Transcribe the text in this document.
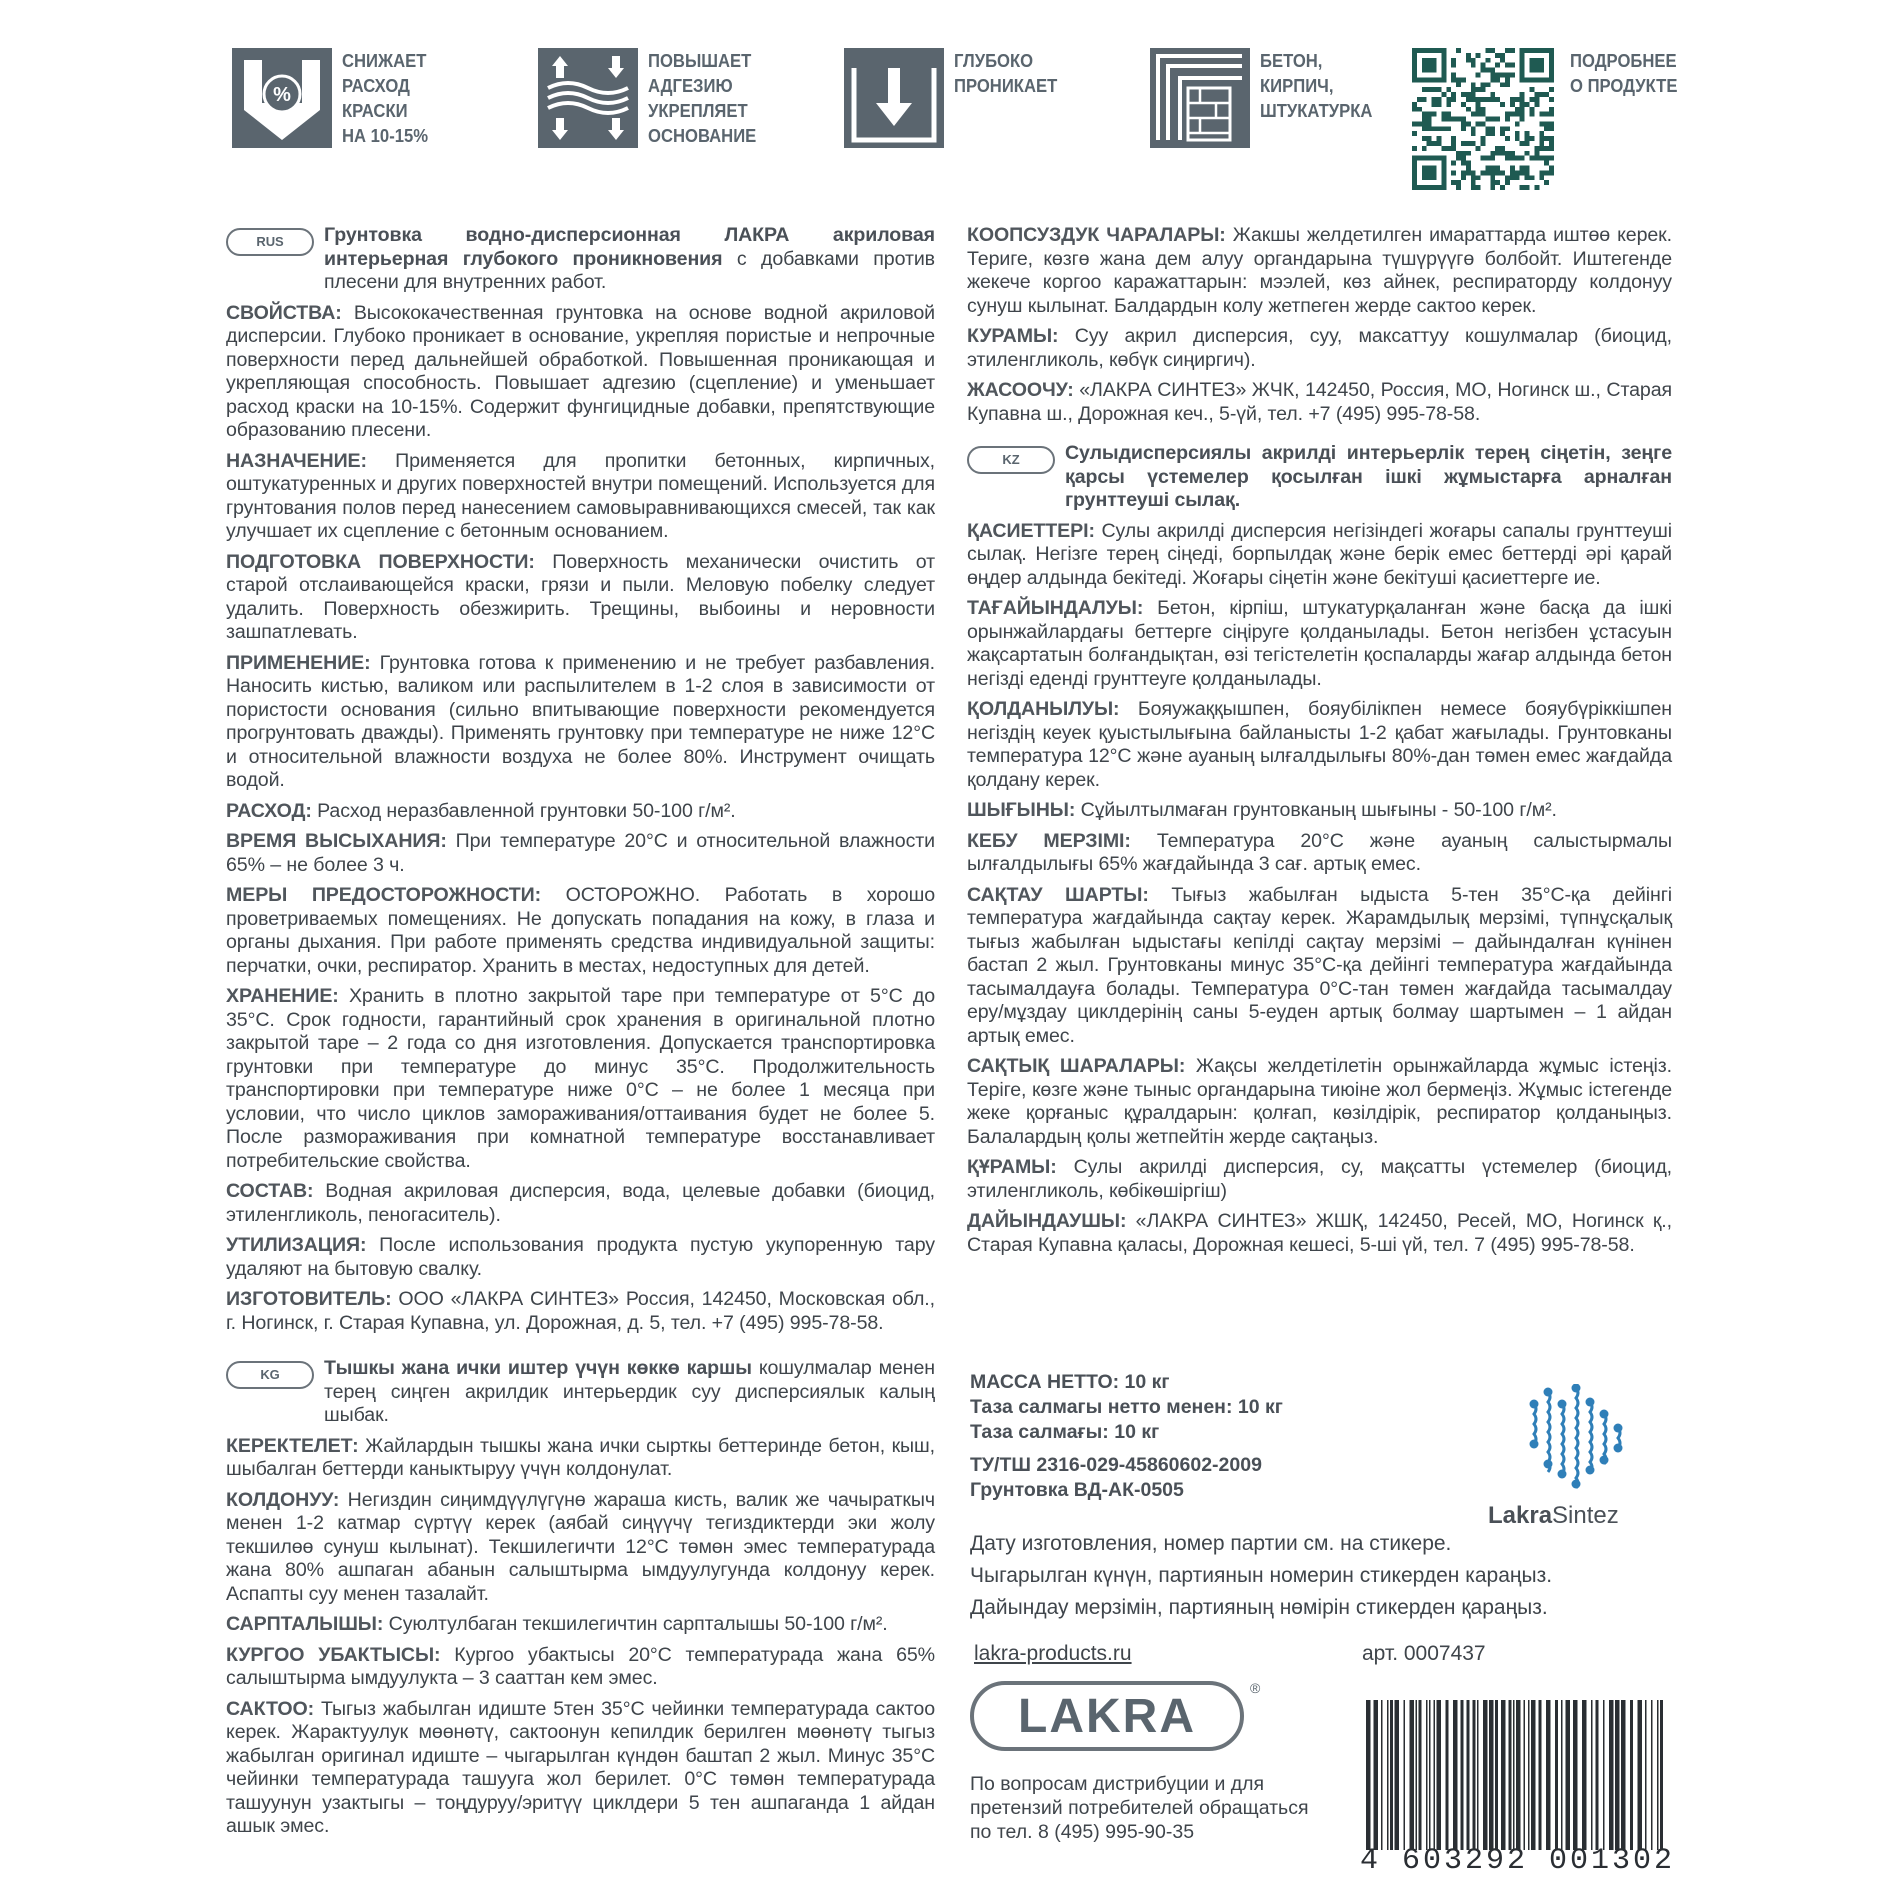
%
СНИЖАЕТ
РАСХОД
КРАСКИ
НА 10-15%
ПОВЫШАЕТ
АДГЕЗИЮ
УКРЕПЛЯЕТ
ОСНОВАНИЕ
ГЛУБОКО
ПРОНИКАЕТ
БЕТОН,
КИРПИЧ,
ШТУКАТУРКА
ПОДРОБНЕЕ
О ПРОДУКТЕ

RUS	Грунтовка водно-дисперсионная ЛАКРА акриловая интерьерная глубокого проникновения с добавками против плесени для внутренних работ.

СВОЙСТВА: Высококачественная грунтовка на основе водной акриловой дисперсии. Глубоко проникает в основание, укрепляя пористые и непрочные поверхности перед дальнейшей обработкой. Повышенная проникающая и укрепляющая способность. Повышает адгезию (сцепление) и уменьшает расход краски на 10-15%. Содержит фунгицидные добавки, препятствующие образованию плесени.

НАЗНАЧЕНИЕ: Применяется для пропитки бетонных, кирпичных, оштукатуренных и других поверхностей внутри помещений. Используется для грунтования полов перед нанесением самовыравнивающихся смесей, так как улучшает их сцепление с бетонным основанием.

ПОДГОТОВКА ПОВЕРХНОСТИ: Поверхность механически очистить от старой отслаивающейся краски, грязи и пыли. Меловую побелку следует удалить. Поверхность обезжирить. Трещины, выбоины и неровности зашпатлевать.

ПРИМЕНЕНИЕ: Грунтовка готова к применению и не требует разбавления. Наносить кистью, валиком или распылителем в 1-2 слоя в зависимости от пористости основания (сильно впитывающие поверхности рекомендуется прогрунтовать дважды). Применять грунтовку при температуре не ниже 12°С и относительной влажности воздуха не более 80%. Инструмент очищать водой.

РАСХОД: Расход неразбавленной грунтовки 50-100 г/м².

ВРЕМЯ ВЫСЫХАНИЯ: При температуре 20°С и относительной влажности 65% – не более 3 ч.

МЕРЫ ПРЕДОСТОРОЖНОСТИ: ОСТОРОЖНО. Работать в хорошо проветриваемых помещениях. Не допускать попадания на кожу, в глаза и органы дыхания. При работе применять средства индивидуальной защиты: перчатки, очки, респиратор. Хранить в местах, недоступных для детей.

ХРАНЕНИЕ: Хранить в плотно закрытой таре при температуре от 5°С до 35°С. Срок годности, гарантийный срок хранения в оригинальной плотно закрытой таре – 2 года со дня изготовления. Допускается транспортировка грунтовки при температуре до минус 35°С. Продолжительность транспортировки при температуре ниже 0°С – не более 1 месяца при условии, что число циклов замораживания/оттаивания будет не более 5. После размораживания при комнатной температуре восстанавливает потребительские свойства.

СОСТАВ: Водная акриловая дисперсия, вода, целевые добавки (биоцид, этиленгликоль, пеногаситель).

УТИЛИЗАЦИЯ: После использования продукта пустую укупоренную тару удаляют на бытовую свалку.

ИЗГОТОВИТЕЛЬ: ООО «ЛАКРА СИНТЕЗ» Россия, 142450, Московская обл., г. Ногинск, г. Старая Купавна, ул. Дорожная, д. 5, тел. +7 (495) 995-78-58.

KG	Тышкы жана ички иштер үчүн көккө каршы кошулмалар менен терең сиңген акрилдик интерьердик суу дисперсиялык калың шыбак.

КЕРЕКТЕЛЕТ: Жайлардын тышкы жана ички сырткы беттеринде бетон, кыш, шыбалган беттерди каныктыруу үчүн колдонулат.

КОЛДОНУУ: Негиздин сиңимдүүлүгүнө жараша кисть, валик же чачыраткыч менен 1-2 катмар сүртүү керек (аябай сиңүүчү тегиздиктерди эки жолу текшилөө сунуш кылынат). Текшилегичти 12°С төмөн эмес температурада жана 80% ашпаган абанын салыштырма ымдуулугунда колдонуу керек. Аспапты суу менен тазалайт.

САРПТАЛЫШЫ: Суюлтулбаган текшилегичтин сарпталышы 50-100 г/м².

КУРГОО УБАКТЫСЫ: Кургоо убактысы 20°С температурада жана 65% салыштырма ымдуулукта – 3 сааттан кем эмес.

САКТОО: Тыгыз жабылган идиште 5тен 35°С чейинки температурада сактоо керек. Жарактуулук мөөнөтү, сактоонун кепилдик берилген мөөнөтү тыгыз жабылган оригинал идиште – чыгарылган күндөн баштап 2 жыл. Минус 35°С чейинки температурада ташууга жол берилет. 0°С төмөн температурада ташуунун узактыгы – тоңдуруу/эритүү циклдери 5 тен ашпаганда 1 айдан ашык эмес.

КООПСУЗДУК ЧАРАЛАРЫ: Жакшы желдетилген имараттарда иштөө керек. Териге, көзгө жана дем алуу органдарына түшүрүүгө болбойт. Иштегенде жекече коргоо каражаттарын: мээлей, көз айнек, респираторду колдонуу сунуш кылынат. Балдардын колу жетпеген жерде сактоо керек.

КУРАМЫ: Суу акрил дисперсия, суу, максаттуу кошулмалар (биоцид, этиленгликоль, көбүк сиңиргич).

ЖАСООЧУ: «ЛАКРА СИНТЕЗ» ЖЧК, 142450, Россия, МО, Ногинск ш., Старая Купавна ш., Дорожная кеч., 5-үй, тел. +7 (495) 995-78-58.

KZ	Сулыдисперсиялы акрилді интерьерлік терең сіңетін, зеңге қарсы үстемелер қосылған ішкі жұмыстарға арналған грунттеуші сылақ.

ҚАСИЕТТЕРІ: Сулы акрилді дисперсия негізіндегі жоғары сапалы грунттеуші сылақ. Негізге терең сіңеді, борпылдақ және берік емес беттерді әрі қарай өңдер алдында бекітеді. Жоғары сіңетін және бекітуші қасиеттерге ие.

ТАҒАЙЫНДАЛУЫ: Бетон, кірпіш, штукатурқаланған және басқа да ішкі орынжайлардағы беттерге сіңіруге қолданылады. Бетон негізбен ұстасуын жақсартатын болғандықтан, өзі тегістелетін қоспаларды жағар алдында бетон негізді еденді грунттеуге қолданылады.

ҚОЛДАНЫЛУЫ: Бояужаққышпен, бояубілікпен немесе бояубүріккішпен негіздің кеуек қуыстылығына байланысты 1-2 қабат жағылады. Грунтовканы температура 12°С және ауаның ылғалдылығы 80%-дан төмен емес жағдайда қолдану керек.

ШЫҒЫНЫ: Сұйылтылмаған грунтовканың шығыны - 50-100 г/м².

КЕБУ МЕРЗІМІ: Температура 20°С және ауаның салыстырмалы ылғалдылығы 65% жағдайында 3 сағ. артық емес.

САҚТАУ ШАРТЫ: Тығыз жабылған ыдыста 5-тен 35°С-қа дейінгі температура жағдайында сақтау керек. Жарамдылық мерзімі, түпнұсқалық тығыз жабылған ыдыстағы кепілді сақтау мерзімі – дайындалған күнінен бастап 2 жыл. Грунтовканы минус 35°С-қа дейінгі температура жағдайында тасымалдауға болады. Температура 0°С-тан төмен жағдайда тасымалдау еру/мұздау циклдерінің саны 5-еуден артық болмау шартымен – 1 айдан артық емес.

САҚТЫҚ ШАРАЛАРЫ: Жақсы желдетілетін орынжайларда жұмыс істеңіз. Теріге, көзге және тыныс органдарына тиюіне жол бермеңіз. Жұмыс істегенде жеке қорғаныс құралдарын: қолғап, көзілдірік, респиратор қолданыңыз. Балалардың қолы жетпейтін жерде сақтаңыз.

ҚҰРАМЫ: Сулы акрилді дисперсия, су, мақсатты үстемелер (биоцид, этиленгликоль, көбікөшіргіш)

ДАЙЫНДАУШЫ: «ЛАКРА СИНТЕЗ» ЖШҚ, 142450, Ресей, МО, Ногинск қ., Старая Купавна қаласы, Дорожная кешесі, 5-ші үй, тел. 7 (495) 995-78-58.

МАССА НЕТТО: 10 кг
Таза салмагы нетто менен: 10 кг
Таза салмағы: 10 кг
ТУ/ТШ 2316-029-45860602-2009
Грунтовка ВД-АК-0505
LakraSintez
Дату изготовления, номер партии см. на стикере.
Чыгарылган күнүн, партиянын номерин стикерден караңыз.
Дайындау мерзімін, партияның нөмірін стикерден қараңыз.
lakra-products.ru	арт. 0007437
LAKRA
®
По вопросам дистрибуции и для
претензий потребителей обращаться
по тел. 8 (495) 995-90-35
4 603292 001302
